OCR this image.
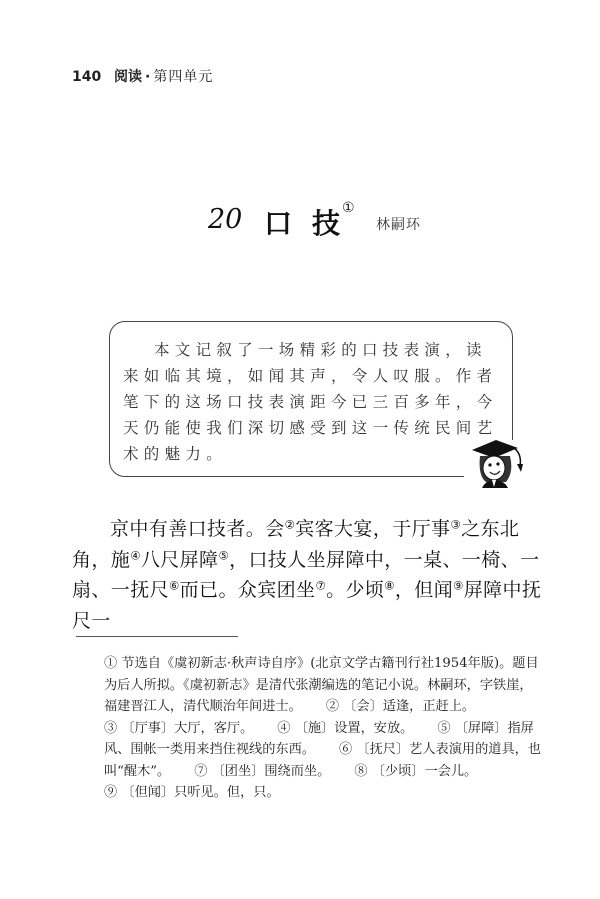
140 阅读 · 第四单元
20 口 技 ①
林嗣环

本文记叙了一场精彩的口技表演，读来如临其境，如闻其声，令人叹服。作者笔下的这场口技表演距今已三百多年，今天仍能使我们深切感受到这一传统民间艺术的魅力。

京中有善口技者。会②宾客大宴，于厅事③之东北角，施④八尺屏障⑤，口技人坐屏障中，一桌、一椅、一扇、一抚尺⑥而已。众宾团坐⑦。少顷⑧，但闻⑨屏障中抚尺一

① 节选自《虞初新志·秋声诗自序》(北京文学古籍刊行社1954年版)。题目为后人所拟。《虞初新志》是清代张潮编选的笔记小说。林嗣环，字铁崖，福建晋江人，清代顺治年间进士。 ② 〔会〕适逢，正赶上。

③ 〔厅事〕大厅，客厅。 ④ 〔施〕设置，安放。 ⑤ 〔屏障〕指屏风、围帐一类用来挡住视线的东西。 ⑥ 〔抚尺〕艺人表演用的道具，也叫“醒木”。 ⑦ 〔团坐〕围绕而坐。 ⑧ 〔少顷〕一会儿。

⑨ 〔但闻〕只听见。但，只。
